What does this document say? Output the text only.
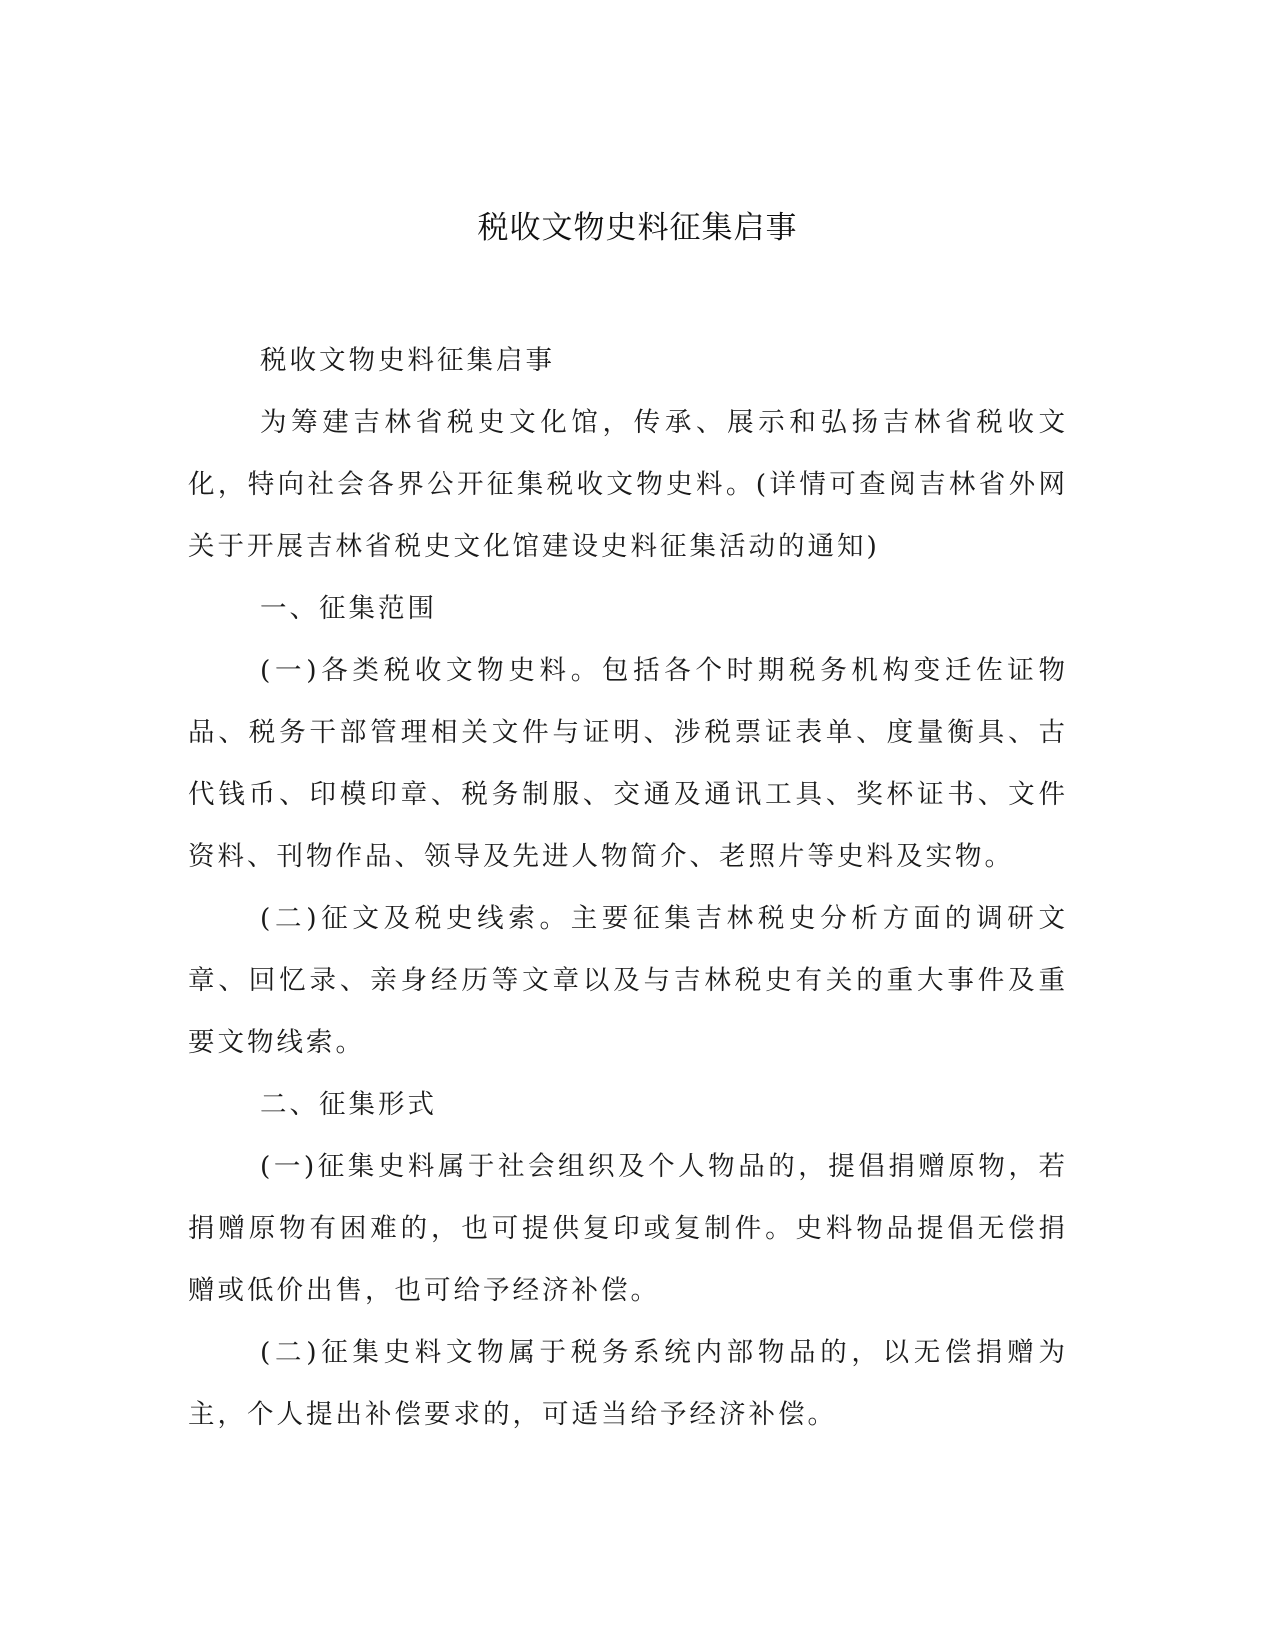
税收文物史料征集启事

税收文物史料征集启事

为筹建吉林省税史文化馆，传承、展示和弘扬吉林省税收文化，特向社会各界公开征集税收文物史料。(详情可查阅吉林省外网关于开展吉林省税史文化馆建设史料征集活动的通知)

一、征集范围

(一)各类税收文物史料。包括各个时期税务机构变迁佐证物品、税务干部管理相关文件与证明、涉税票证表单、度量衡具、古代钱币、印模印章、税务制服、交通及通讯工具、奖杯证书、文件资料、刊物作品、领导及先进人物简介、老照片等史料及实物。

(二)征文及税史线索。主要征集吉林税史分析方面的调研文章、回忆录、亲身经历等文章以及与吉林税史有关的重大事件及重要文物线索。

二、征集形式

(一)征集史料属于社会组织及个人物品的，提倡捐赠原物，若捐赠原物有困难的，也可提供复印或复制件。史料物品提倡无偿捐赠或低价出售，也可给予经济补偿。

(二)征集史料文物属于税务系统内部物品的，以无偿捐赠为主，个人提出补偿要求的，可适当给予经济补偿。
